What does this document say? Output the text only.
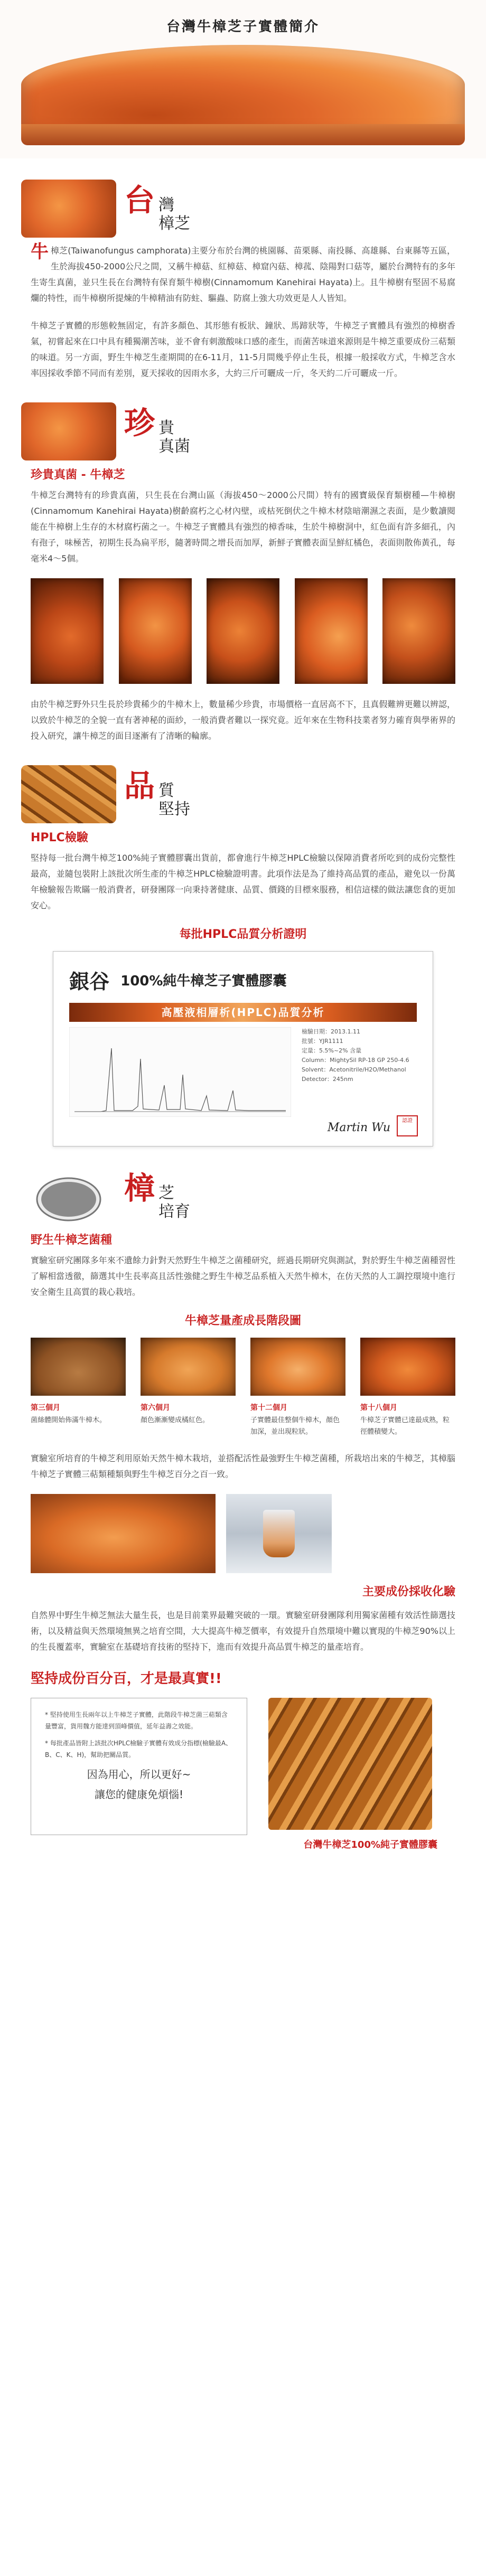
台灣牛樟芝子實體簡介
台 灣
樟芝

牛樟芝(Taiwanofungus camphorata)主要分布於台灣的桃園縣、苗栗縣、南投縣、高雄縣、台東縣等五區，生於海拔450-2000公尺之間，又稱牛樟菇、紅樟菇、樟窟內菇、樟菰、陰陽對口菇等，屬於台灣特有的多年生寄生真菌，並只生長在台灣特有保育類牛樟樹(Cinnamomum Kanehirai Hayata)上。且牛樟樹有堅固不易腐爛的特性，而牛樟樹所提煉的牛樟精油有防蛀、驅蟲、防腐上強大功效更是人人皆知。

牛樟芝子實體的形態較無固定，有許多顏色、其形態有板狀、鐘狀、馬蹄狀等，牛樟芝子實體具有強烈的樟樹香氣，初嘗起來在口中具有種獨潮苦味，並不會有刺激酸味口感的產生，而菌苦味道來源則是牛樟芝重要成份三萜類的味道。另一方面，野生牛樟芝生產期間的在6-11月，11-5月間幾乎停止生長，根據一般採收方式，牛樟芝含水率因採收季節不同而有差別，夏天採收的因雨水多，大約三斤可曬成一斤，冬天約二斤可曬成一斤。

珍 貴
真菌
珍貴真菌 - 牛樟芝

牛樟芝台灣特有的珍貴真菌，只生長在台灣山區（海拔450～2000公尺間）特有的國寶級保育類樹種—牛樟樹(Cinnamomum Kanehirai Hayata)樹齡腐朽之心材內壁，或枯死倒伏之牛樟木材陰暗潮濕之表面，是少數讀閱能在牛樟樹上生存的木材腐朽菌之一。牛樟芝子實體具有強烈的樟香味，生於牛樟樹洞中，紅色面有許多細孔，內有孢子，味極苦，初期生長為扁平形，隨著時間之增長而加厚，新鮮子實體表面呈鮮紅橘色，表面則散佈黃孔，每毫米4～5個。

由於牛樟芝野外只生長於珍貴稀少的牛樟木上，數量稀少珍貴，市場價格一直居高不下，且真假難辨更難以辨認，以致於牛樟芝的全貌一直有著神秘的面紗，一般消費者難以一探究竟。近年來在生物科技業者努力確育與學術界的投入研究，讓牛樟芝的面目逐漸有了清晰的輪廓。

品 質
堅持
HPLC檢驗

堅持每一批台灣牛樟芝100%純子實體膠囊出貨前，都會進行牛樟芝HPLC檢驗以保障消費者所吃到的成份完整性最高，並隨包裝附上該批次所生產的牛樟芝HPLC檢驗證明書。此項作法是為了維持高品質的產品，避免以一份萬年檢驗報告欺瞞一般消費者，研發團隊一向秉持著健康、品質、價錢的目標來服務，相信這樣的做法讓您食的更加安心。

每批HPLC品質分析證明
銀谷 100%純牛樟芝子實體膠囊
高壓液相層析(HPLC)品質分析
檢驗日期：2013.1.11
批號：YJR1111
定量：5.5%~2% 含量
Column：MightySil RP-18 GP 250-4.6
Solvent：Acetonitrile/H2O/Methanol
Detector：245nm
Martin Wu
認證
樟 芝
培育
野生牛樟芝菌種

實驗室研究團隊多年來不遺餘力針對天然野生牛樟芝之菌種研究，經過長期研究與測試，對於野生牛樟芝菌種習性了解相當透徹，篩選其中生長率高且活性強健之野生牛樟芝品系植入天然牛樟木，在仿天然的人工調控環境中進行安全衛生且高質的栽心栽培。

牛樟芝量產成長階段圖
第三個月
菌絲體開始佈滿牛樟木。
第六個月
顏色漸漸變成橘紅色。
第十二個月
子實體最佳整個牛樟木，顏色加深，並出現粒狀。
第十八個月
牛樟芝子實體已達最成熟，粒徑體積變大。

實驗室所培育的牛樟芝利用原始天然牛樟木栽培，並搭配活性最強野生牛樟芝菌種，所栽培出來的牛樟芝，其樟腦牛樟芝子實體三萜類種類與野生牛樟芝百分之百一致。

主要成份採收化驗

自然界中野生牛樟芝無法大量生長，也是目前業界最難突破的一環。實驗室研發團隊利用獨家菌種有效活性篩選技術，以及精益與天然環境無異之培育空間，大大提高牛樟芝價率，有效提升自然環境中難以實現的牛樟芝90%以上的生長覆蓋率，實驗室在基礎培育技術的堅持下，進而有效提升高品質牛樟芝的量產培育。

堅持成份百分百，才是最真實!!
* 堅持使用生長兩年以上牛樟芝子實體，此階段牛樟芝菌三萜類含量豐富，貨用魏方能達到頂峰價值，延年益壽之效能。
* 每批產品皆附上該批次HPLC檢驗子實體有效成分指標(檢驗最A、B、C、K、H)，幫助把關品質。
因為用心，所以更好~
讓您的健康免煩惱!
台灣牛樟芝100%純子實體膠囊
